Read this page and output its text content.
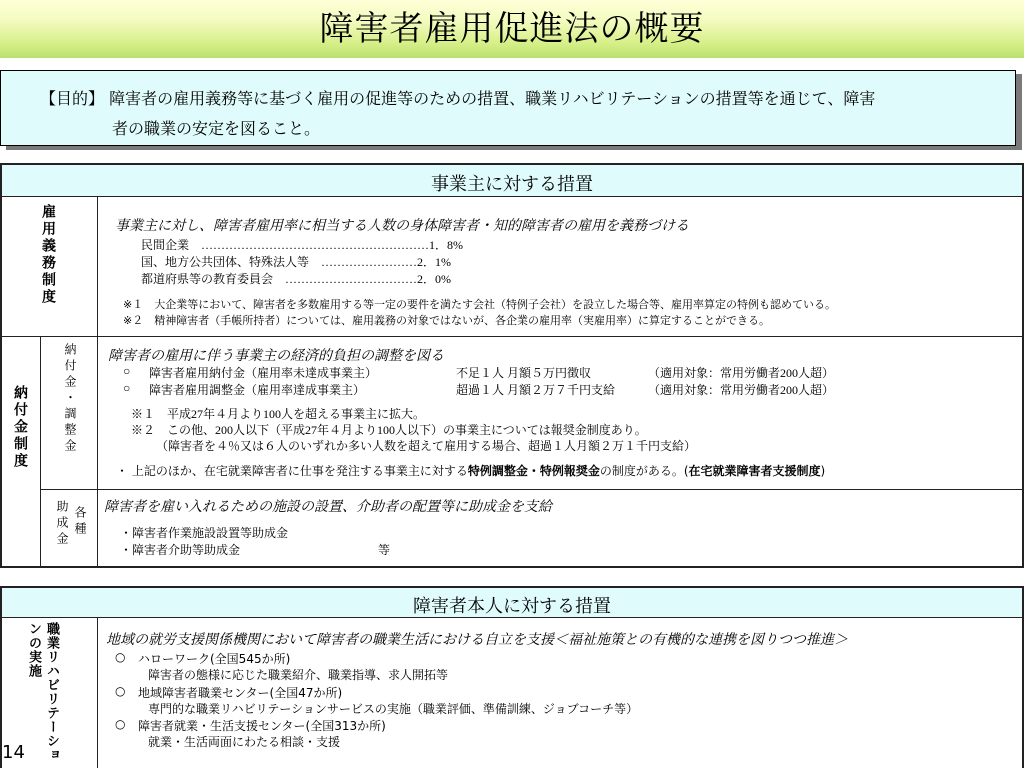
障害者雇用促進法の概要
【目的】 障害者の雇用義務等に基づく雇用の促進等のための措置、職業リハビリテーションの措置等を通じて、障害
者の職業の安定を図ること。
事業主に対する措置
雇用義務制度	事業主に対し、障害者雇用率に相当する人数の身体障害者・知的障害者の雇用を義務づける
民間企業　…………………………………………………1．8%
国、地方公共団体、特殊法人等　……………………2．1%
都道府県等の教育委員会　……………………………2．0%
※１　大企業等において、障害者を多数雇用する等一定の要件を満たす会社（特例子会社）を設立した場合等、雇用率算定の特例も認めている。
※２　精神障害者（手帳所持者）については、雇用義務の対象ではないが、各企業の雇用率（実雇用率）に算定することができる。
納付金制度	納付金・調整金 障害者の雇用に伴う事業主の経済的負担の調整を図る
○ 障害者雇用納付金（雇用率未達成事業主）	不足１人 月額５万円徴収	（適用対象：常用労働者200人超）
○ 障害者雇用調整金（雇用率達成事業主）	超過１人 月額２万７千円支給	（適用対象：常用労働者200人超）
※１　平成27年４月より100人を超える事業主に拡大。
※２　この他、200人以下（平成27年４月より100人以下）の事業主については報奨金制度あり。
（障害者を４％又は６人のいずれか多い人数を超えて雇用する場合、超過１人月額２万１千円支給）
・ 上記のほか、在宅就業障害者に仕事を発注する事業主に対する特例調整金・特例報奨金の制度がある。(在宅就業障害者支援制度)
助成金 各種 障害者を雇い入れるための施設の設置、介助者の配置等に助成金を支給
・障害者作業施設設置等助成金
・障害者介助等助成金	等
障害者本人に対する措置
職業リハビリテーションの実施	地域の就労支援関係機関において障害者の職業生活における自立を支援＜福祉施策との有機的な連携を図りつつ推進＞
○ ハローワーク(全国545か所)
障害者の態様に応じた職業紹介、職業指導、求人開拓等
○ 地域障害者職業センター(全国47か所)
専門的な職業リハビリテーションサービスの実施（職業評価、準備訓練、ジョブコーチ等）
○ 障害者就業・生活支援センター(全国313か所)
就業・生活両面にわたる相談・支援
14
